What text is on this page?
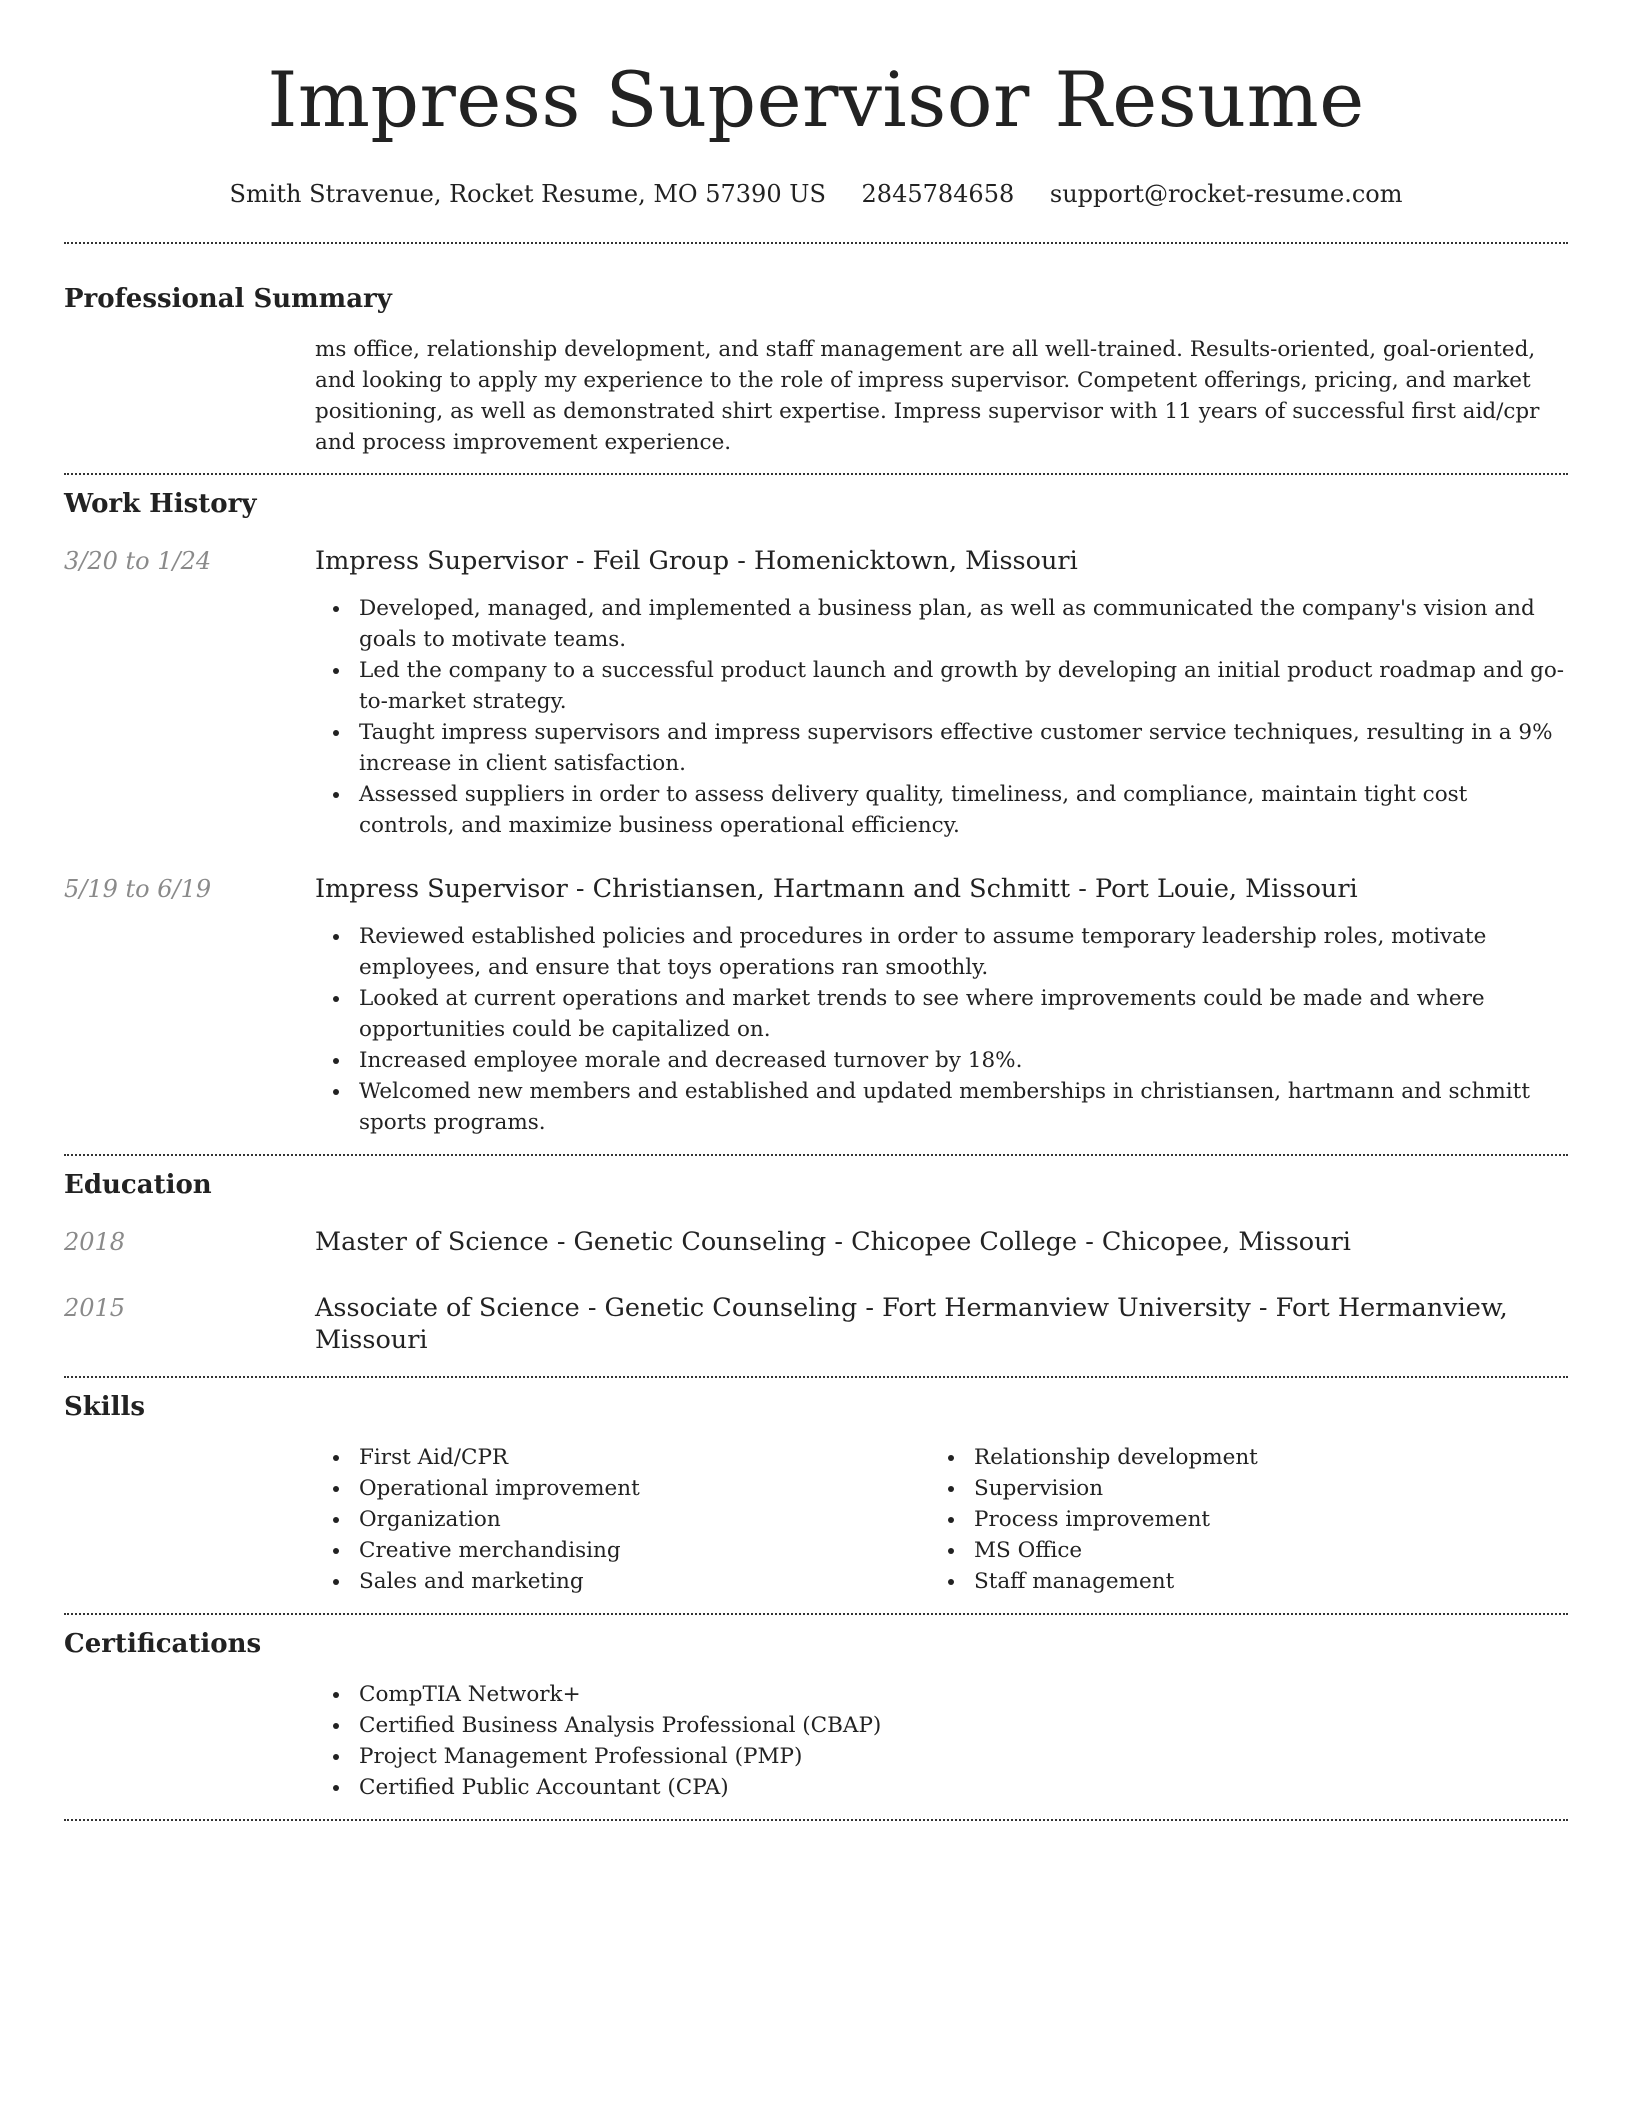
Impress Supervisor Resume
Smith Stravenue, Rocket Resume, MO 57390 US 2845784658 support@rocket-resume.com
Professional Summary

ms office, relationship development, and staff management are all well-trained. Results-oriented, goal-oriented, and looking to apply my experience to the role of impress supervisor. Competent offerings, pricing, and market positioning, as well as demonstrated shirt expertise. Impress supervisor with 11 years of successful first aid/cpr and process improvement experience.

Work History
3/20 to 1/24	Impress Supervisor - Feil Group - Homenicktown, Missouri
Developed, managed, and implemented a business plan, as well as communicated the company's vision and goals to motivate teams.
Led the company to a successful product launch and growth by developing an initial product roadmap and go-to-market strategy.
Taught impress supervisors and impress supervisors effective customer service techniques, resulting in a 9% increase in client satisfaction.
Assessed suppliers in order to assess delivery quality, timeliness, and compliance, maintain tight cost controls, and maximize business operational efficiency.
5/19 to 6/19	Impress Supervisor - Christiansen, Hartmann and Schmitt - Port Louie, Missouri
Reviewed established policies and procedures in order to assume temporary leadership roles, motivate employees, and ensure that toys operations ran smoothly.
Looked at current operations and market trends to see where improvements could be made and where opportunities could be capitalized on.
Increased employee morale and decreased turnover by 18%.
Welcomed new members and established and updated memberships in christiansen, hartmann and schmitt sports programs.
Education
2018	Master of Science - Genetic Counseling - Chicopee College - Chicopee, Missouri
2015	Associate of Science - Genetic Counseling - Fort Hermanview University - Fort Hermanview, Missouri
Skills
First Aid/CPR
Operational improvement
Organization
Creative merchandising
Sales and marketing
Relationship development
Supervision
Process improvement
MS Office
Staff management
Certifications
CompTIA Network+
Certified Business Analysis Professional (CBAP)
Project Management Professional (PMP)
Certified Public Accountant (CPA)
